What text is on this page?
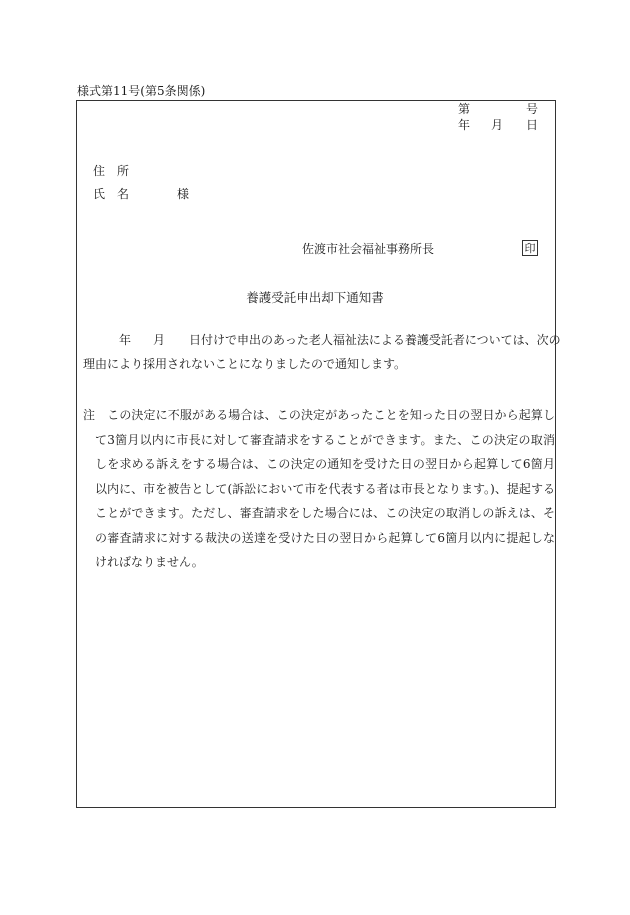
様式第11号(第5条関係)
第	号
年 月 日
住　所
氏　名	様
佐渡市社会福祉事務所長	印
養護受託申出却下通知書
年 月 日付けで申出のあった老人福祉法による養護受託者については、次の
理由により採用されないことになりましたので通知します。
注　この決定に不服がある場合は、この決定があったことを知った日の翌日から起算して3箇月以内に市長に対して審査請求をすることができます。また、この決定の取消しを求める訴えをする場合は、この決定の通知を受けた日の翌日から起算して6箇月以内に、市を被告として(訴訟において市を代表する者は市長となります。)、提起することができます。ただし、審査請求をした場合には、この決定の取消しの訴えは、その審査請求に対する裁決の送達を受けた日の翌日から起算して6箇月以内に提起しなければなりません。
